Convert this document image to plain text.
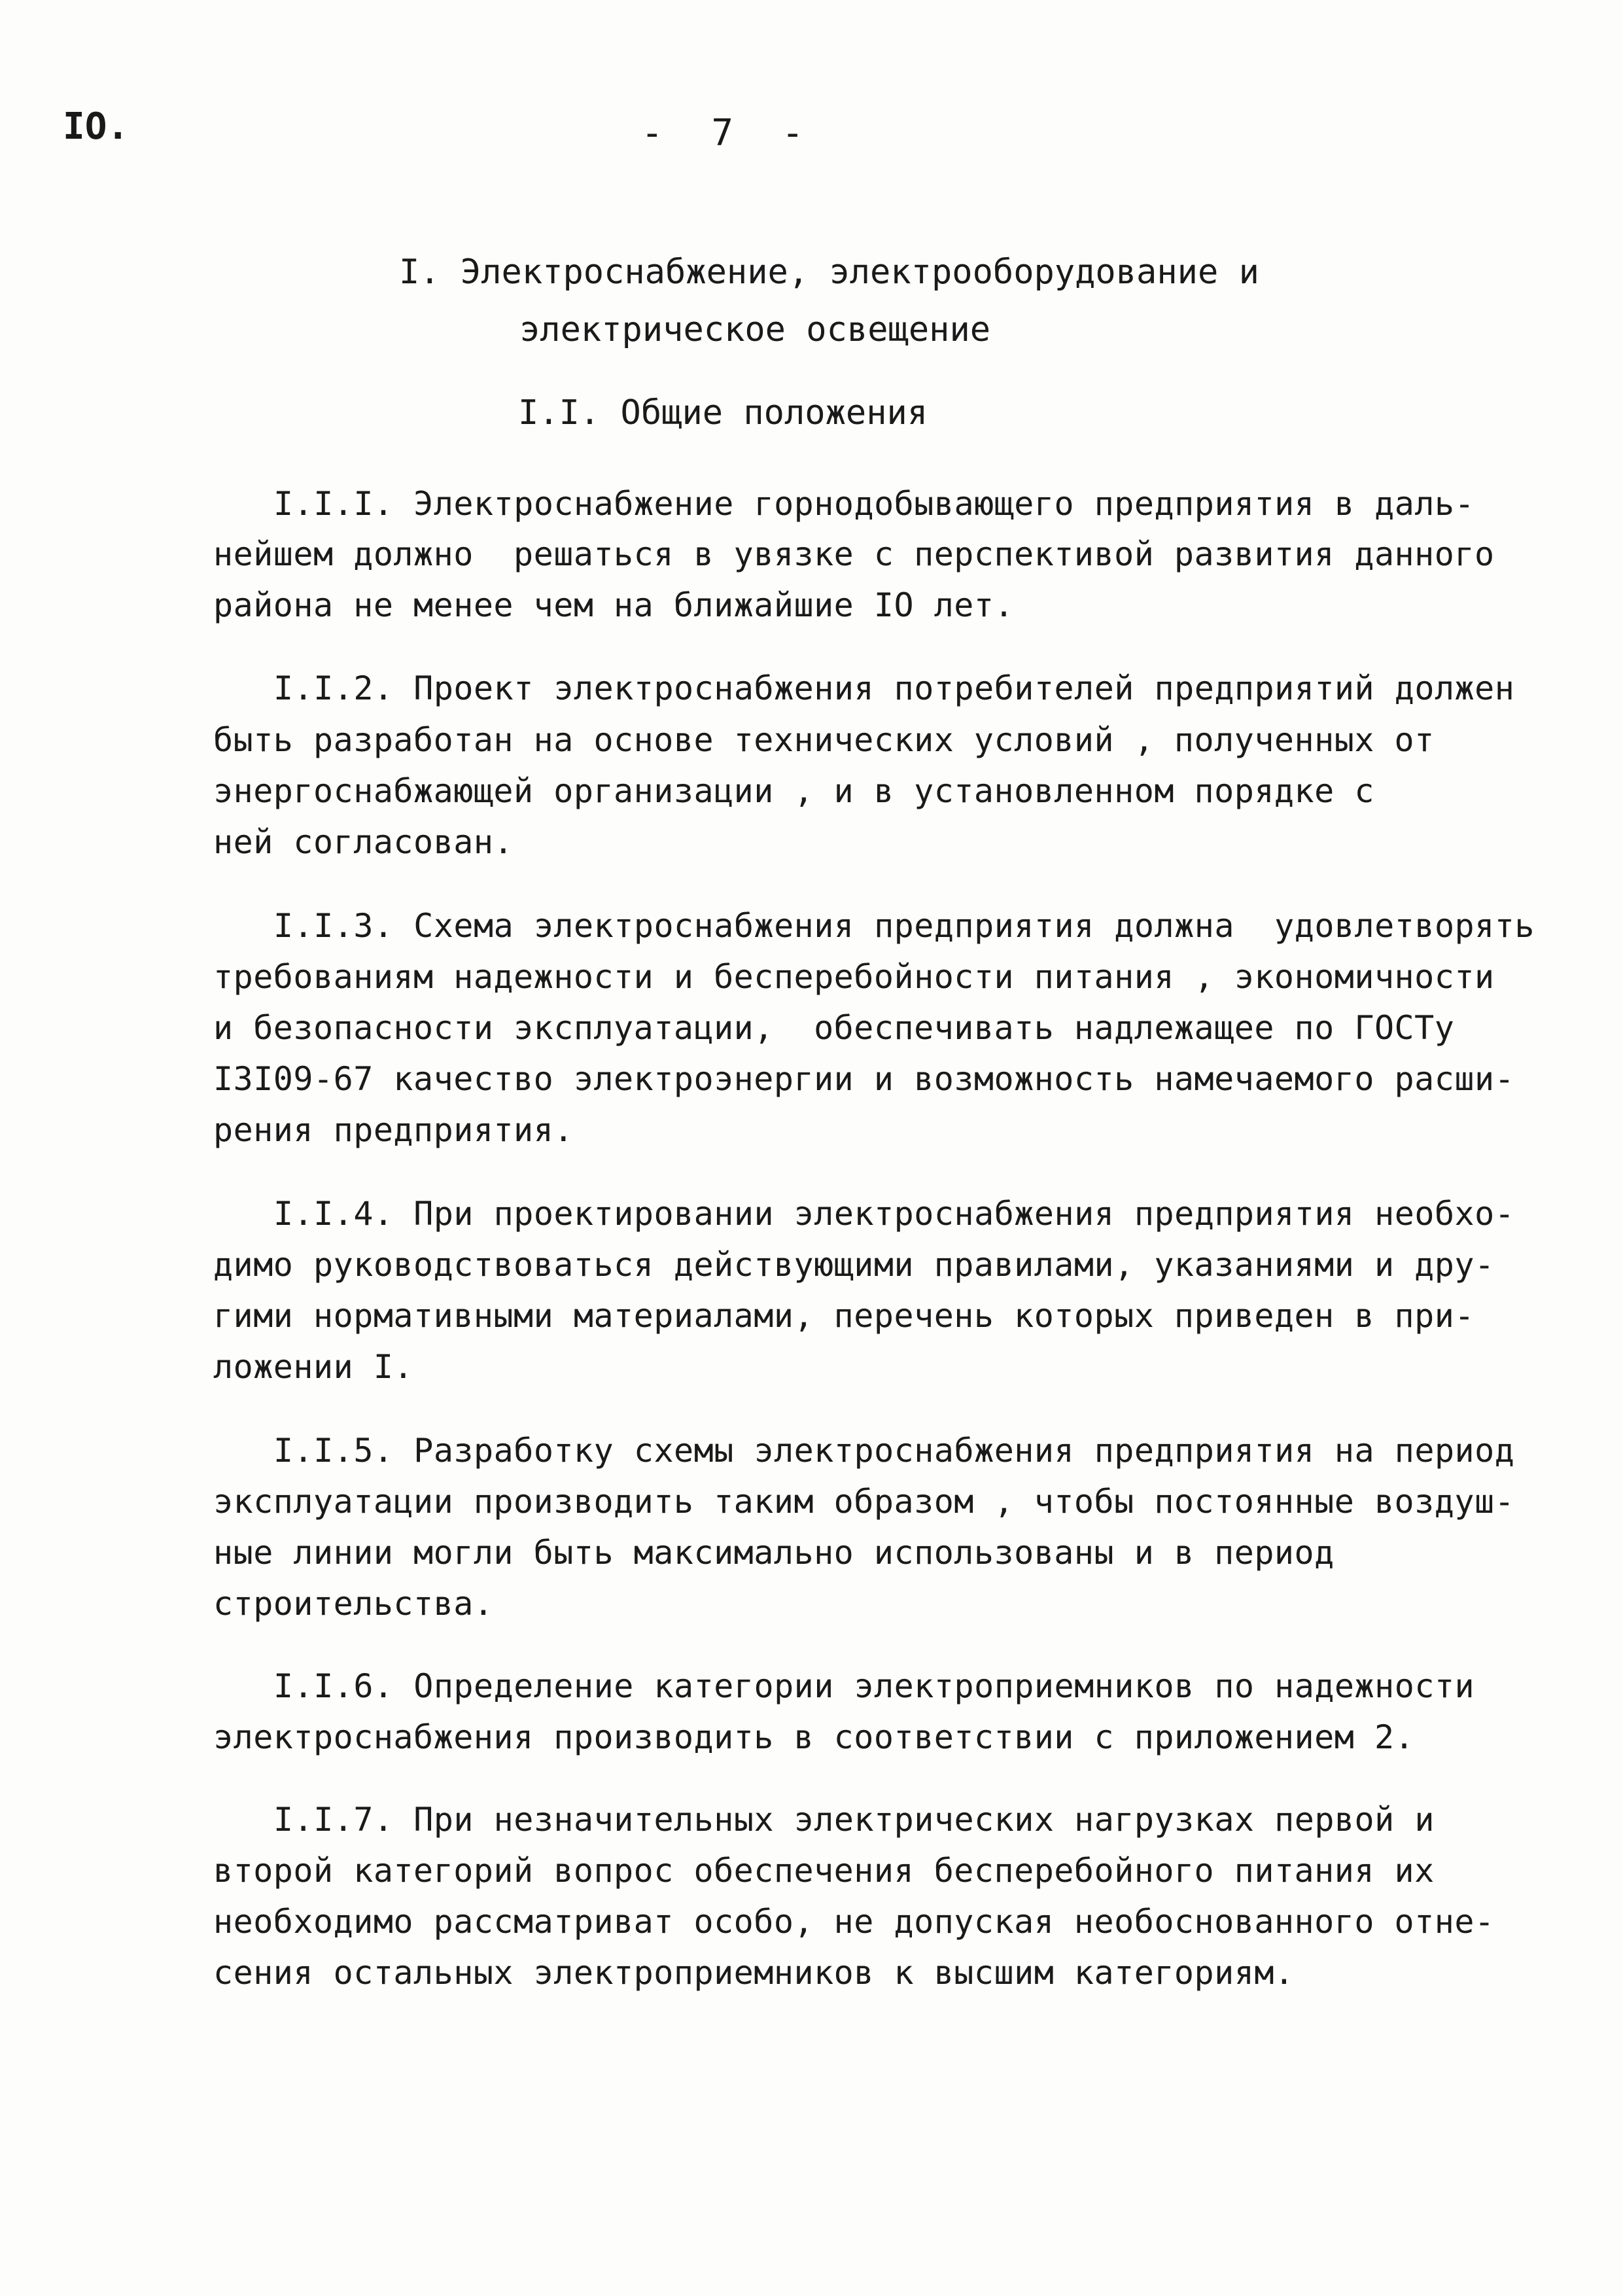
IO.	- 7 -
I. Электроснабжение, электрооборудование и
электрическое освещение
I.I. Общие положения
I.I.I. Электроснабжение горнодобывающего предприятия в даль-
нейшем должно  решаться в увязке с перспективой развития данного
района не менее чем на ближайшие IO лет.
I.I.2. Проект электроснабжения потребителей предприятий должен
быть разработан на основе технических условий , полученных от
энергоснабжающей организации , и в установленном порядке с
ней согласован.
I.I.3. Схема электроснабжения предприятия должна  удовлетворять
требованиям надежности и бесперебойности питания , экономичности
и безопасности эксплуатации,  обеспечивать надлежащее по ГОСТу
I3I09-67 качество электроэнергии и возможность намечаемого расши-
рения предприятия.
I.I.4. При проектировании электроснабжения предприятия необхо-
димо руководствоваться действующими правилами, указаниями и дру-
гими нормативными материалами, перечень которых приведен в при-
ложении I.
I.I.5. Разработку схемы электроснабжения предприятия на период
эксплуатации производить таким образом , чтобы постоянные воздуш-
ные линии могли быть максимально использованы и в период
строительства.
I.I.6. Определение категории электроприемников по надежности
электроснабжения производить в соответствии с приложением 2.
I.I.7. При незначительных электрических нагрузках первой и
второй категорий вопрос обеспечения бесперебойного питания их
необходимо рассматриват особо, не допуская необоснованного отне-
сения остальных электроприемников к высшим категориям.
